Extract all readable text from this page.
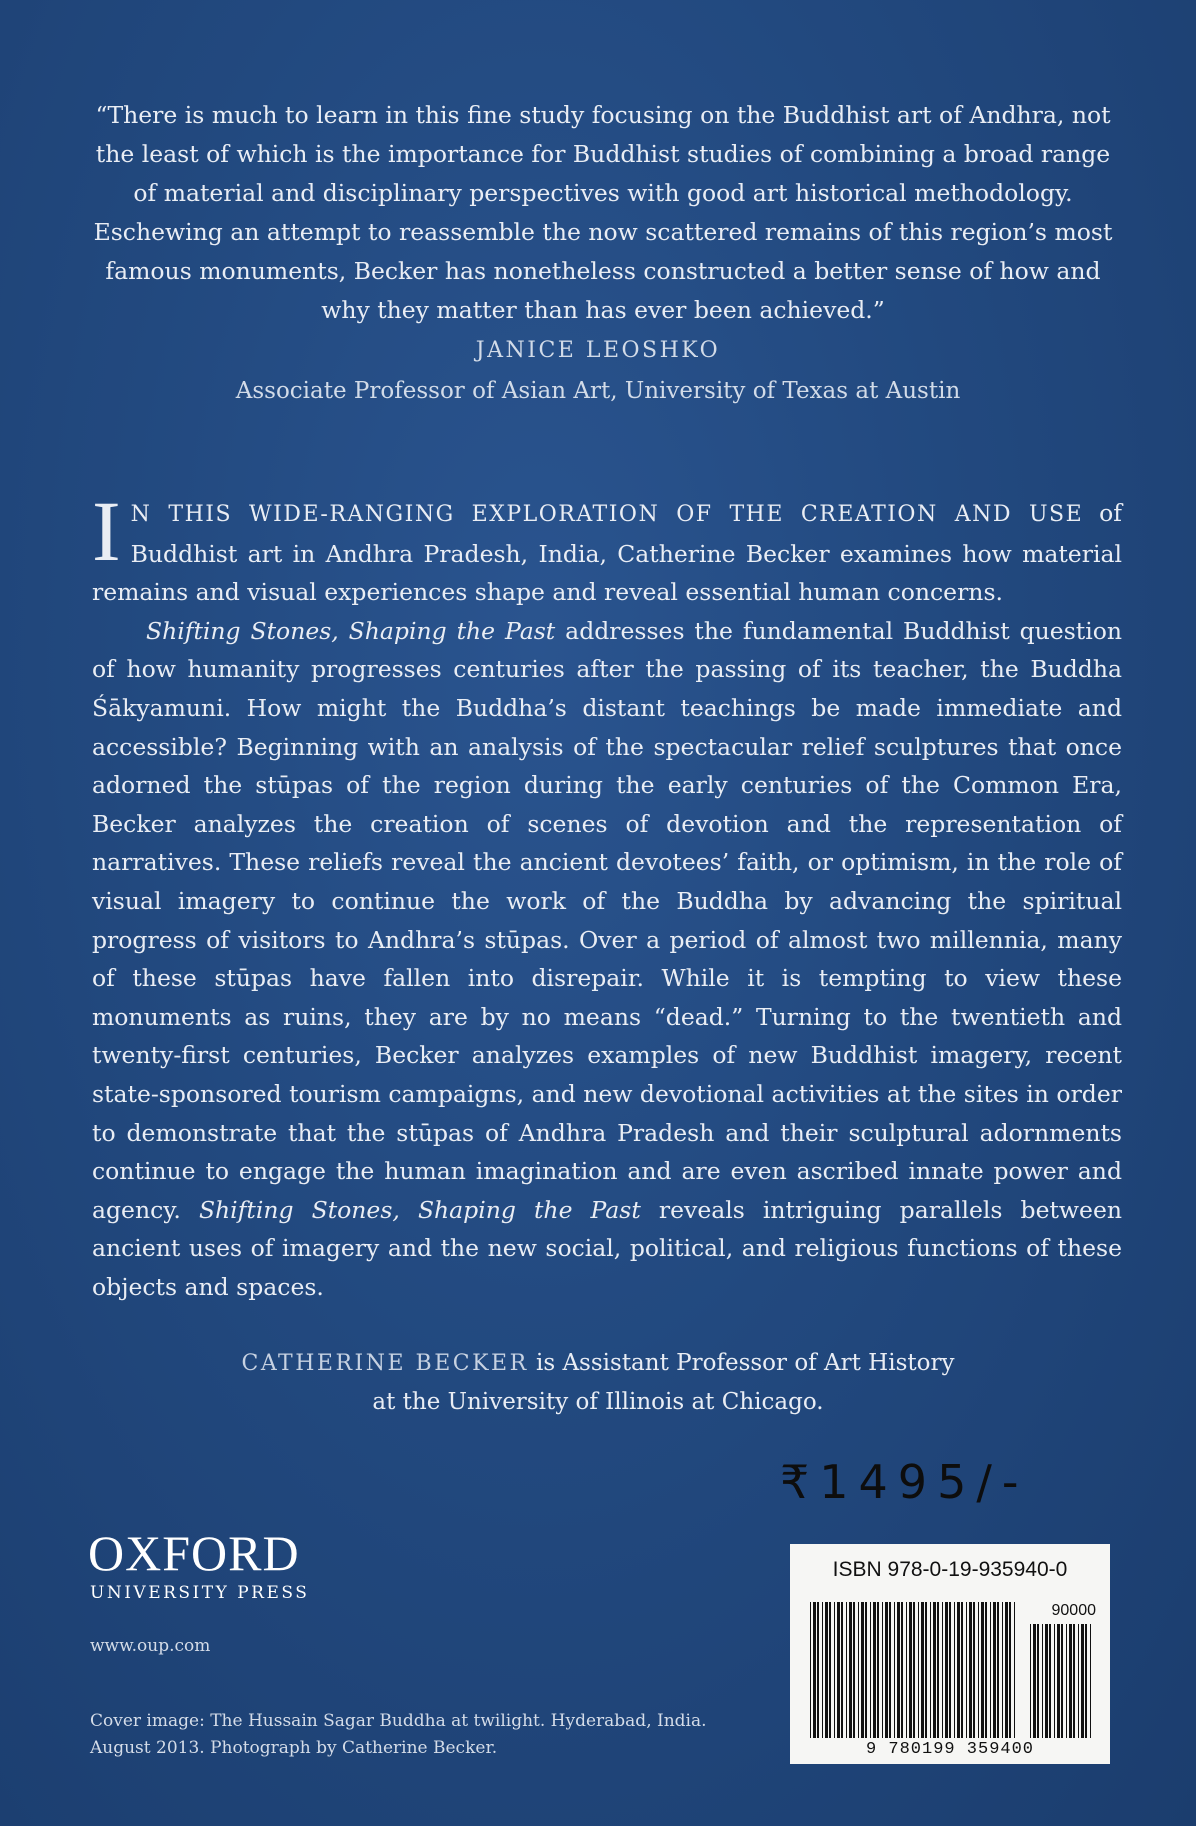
“There is much to learn in this fine study focusing on the Buddhist art of Andhra, not the least of which is the importance for Buddhist studies of combining a broad range of material and disciplinary perspectives with good art historical methodology. Eschewing an attempt to reassemble the now scattered remains of this region’s most famous monuments, Becker has nonetheless constructed a better sense of how and why they matter than has ever been achieved.”
JANICE LEOSHKO
Associate Professor of Asian Art, University of Texas at Austin

I N THIS WIDE-RANGING EXPLORATION OF THE CREATION AND USE of Buddhist art in Andhra Pradesh, India, Catherine Becker examines how material remains and visual experiences shape and reveal essential human concerns.

Shifting Stones, Shaping the Past addresses the fundamental Buddhist question of how humanity progresses centuries after the passing of its teacher, the Buddha Śākyamuni. How might the Buddha’s distant teachings be made immediate and accessible? Beginning with an analysis of the spectacular relief sculptures that once adorned the stūpas of the region during the early centuries of the Common Era, Becker analyzes the creation of scenes of devotion and the representation of narratives. These reliefs reveal the ancient devotees’ faith, or optimism, in the role of visual imagery to continue the work of the Buddha by advancing the spiritual progress of visitors to Andhra’s stūpas. Over a period of almost two millennia, many of these stūpas have fallen into disrepair. While it is tempting to view these monuments as ruins, they are by no means “dead.” Turning to the twentieth and twenty-first centuries, Becker analyzes examples of new Buddhist imagery, recent state-sponsored tourism campaigns, and new devotional activities at the sites in order to demonstrate that the stūpas of Andhra Pradesh and their sculptural adornments continue to engage the human imagination and are even ascribed innate power and agency. Shifting Stones, Shaping the Past reveals intriguing parallels between ancient uses of imagery and the new social, political, and religious functions of these objects and spaces.

CATHERINE BECKER is Assistant Professor of Art History
at the University of Illinois at Chicago.
OXFORD
UNIVERSITY PRESS
www.oup.com
Cover image: The Hussain Sagar Buddha at twilight. Hyderabad, India.
August 2013. Photograph by Catherine Becker.
₹1495/-
ISBN 978-0-19-935940-0
90000
9 780199 359400
